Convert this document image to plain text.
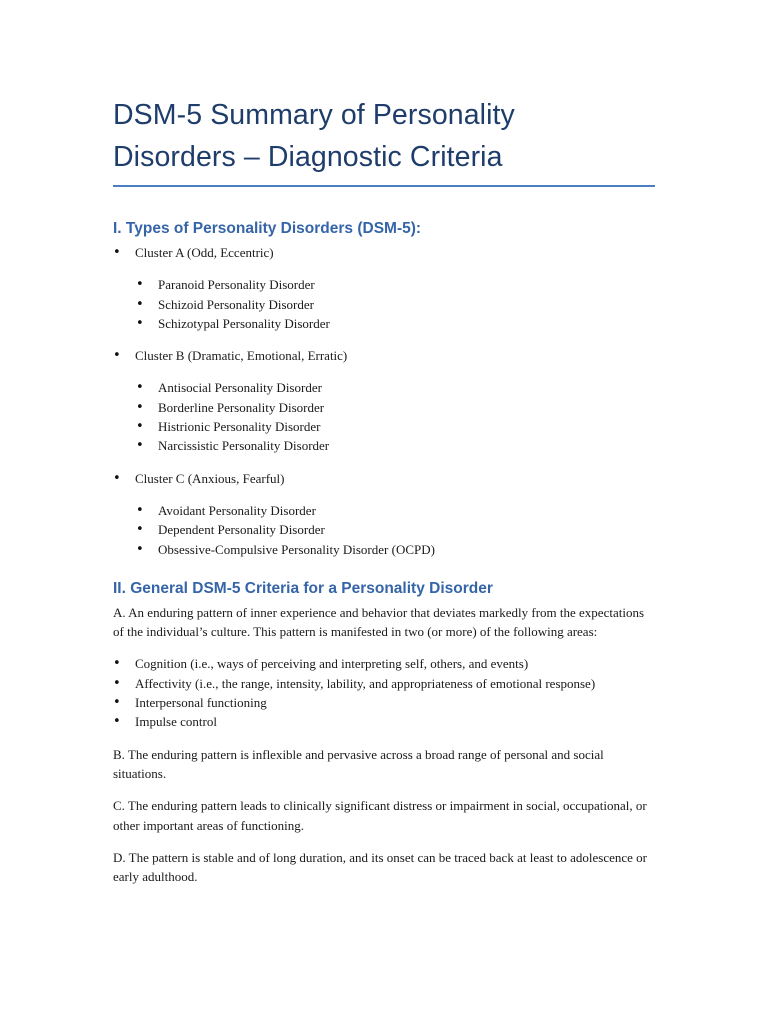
DSM-5 Summary of Personality
Disorders – Diagnostic Criteria
I. Types of Personality Disorders (DSM-5):
• Cluster A (Odd, Eccentric)
• Paranoid Personality Disorder
• Schizoid Personality Disorder
• Schizotypal Personality Disorder
• Cluster B (Dramatic, Emotional, Erratic)
• Antisocial Personality Disorder
• Borderline Personality Disorder
• Histrionic Personality Disorder
• Narcissistic Personality Disorder
• Cluster C (Anxious, Fearful)
• Avoidant Personality Disorder
• Dependent Personality Disorder
• Obsessive-Compulsive Personality Disorder (OCPD)
II. General DSM-5 Criteria for a Personality Disorder

A. An enduring pattern of inner experience and behavior that deviates markedly from the expectations of the individual’s culture. This pattern is manifested in two (or more) of the following areas:

• Cognition (i.e., ways of perceiving and interpreting self, others, and events)
• Affectivity (i.e., the range, intensity, lability, and appropriateness of emotional response)
• Interpersonal functioning
• Impulse control

B. The enduring pattern is inflexible and pervasive across a broad range of personal and social situations.

C. The enduring pattern leads to clinically significant distress or impairment in social, occupational, or other important areas of functioning.

D. The pattern is stable and of long duration, and its onset can be traced back at least to adolescence or early adulthood.
